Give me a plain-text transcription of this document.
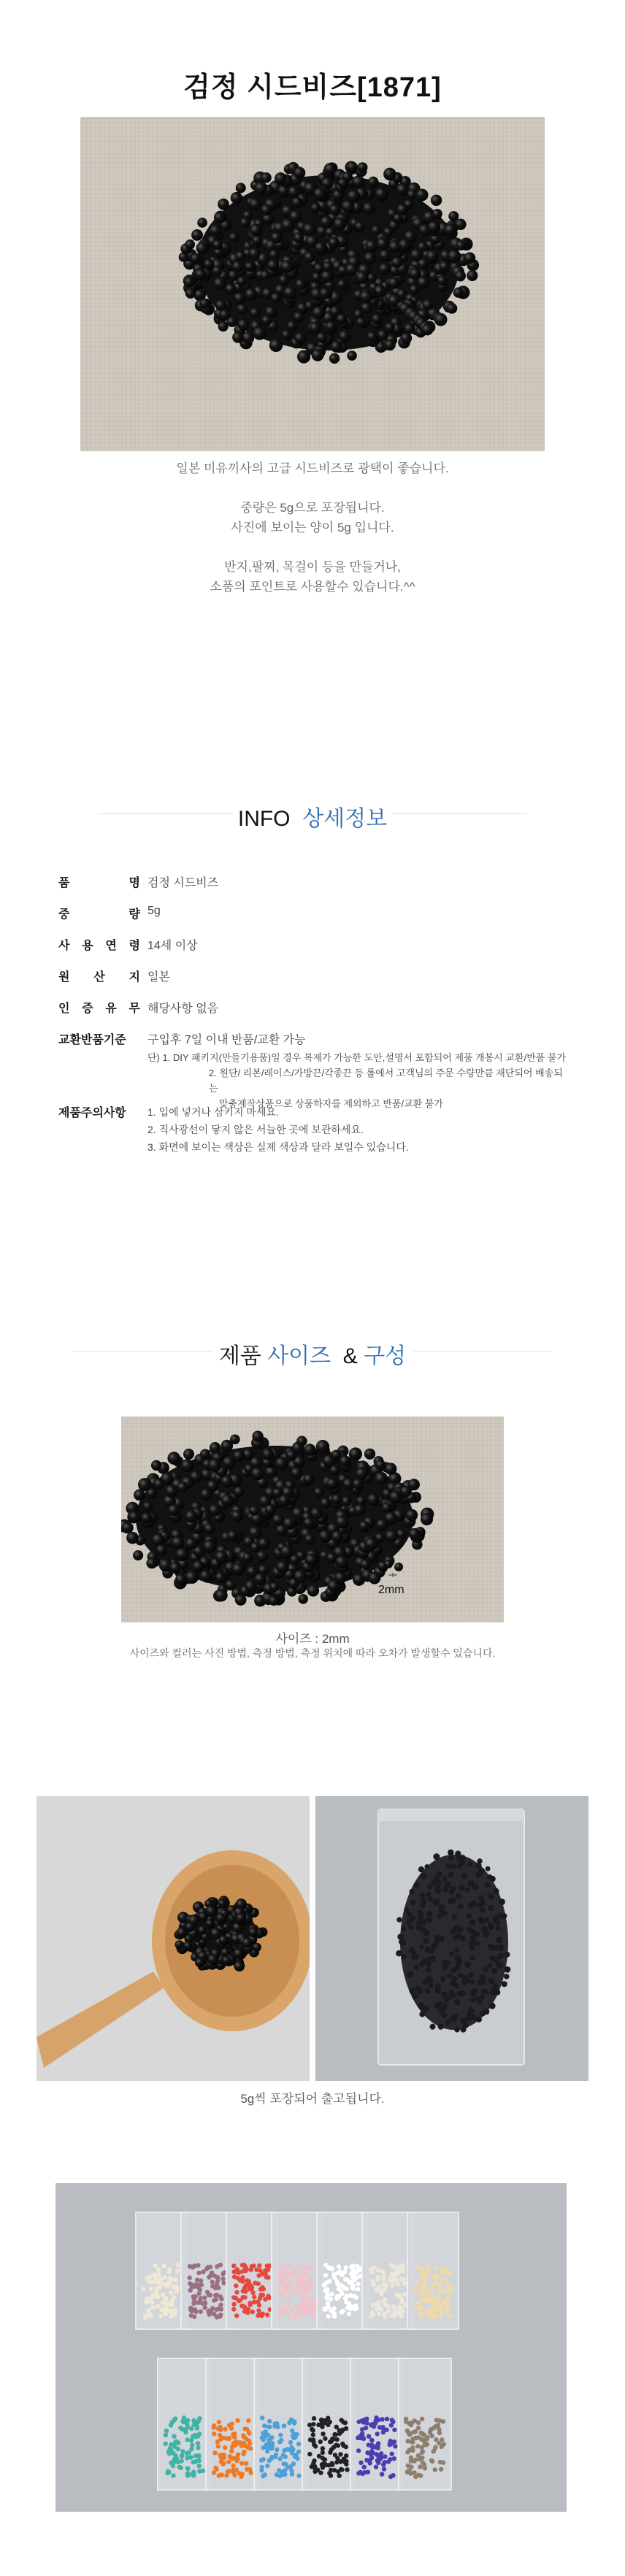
검정 시드비즈[1871]
일본 미유끼사의 고급 시드비즈로 광택이 좋습니다.
중량은 5g으로 포장됩니다.
사진에 보이는 양이 5g 입니다.
반지,팔찌, 목걸이 등을 만들거나,
소품의 포인트로 사용할수 있습니다.^^
INFO 상세정보
품	명 검정 시드비즈
중	량 5g
사 용 연 령 14세 이상
원 산 지 일본
인 증 유 무 해당사항 없음
교환반품기준	구입후 7일 이내 반품/교환 가능
단) 1. DIY 패키지(만들기용품)일 경우 복제가 가능한 도안,설명서 포함되어 제품 개봉시 교환/반품 불가
2. 원단/ 리본/레이스/가방끈/각종끈 등 롤에서 고객님의 주문 수량만큼 재단되어 배송되는
맞춤제작상품으로 상품하자를 제외하고 반품/교환 불가
제품주의사항	1. 입에 넣거나 삼키지 마세요.
2. 직사광선이 닿지 않은 서늘한 곳에 보관하세요.
3. 화면에 보이는 색상은 실제 색상과 달라 보일수 있습니다.
제품 사이즈 & 구성
2mm
사이즈 : 2mm
사이즈와 컬러는 사진 방법, 측정 방법, 측정 위치에 따라 오차가 발생할수 있습니다.
5g씩 포장되어 출고됩니다.
